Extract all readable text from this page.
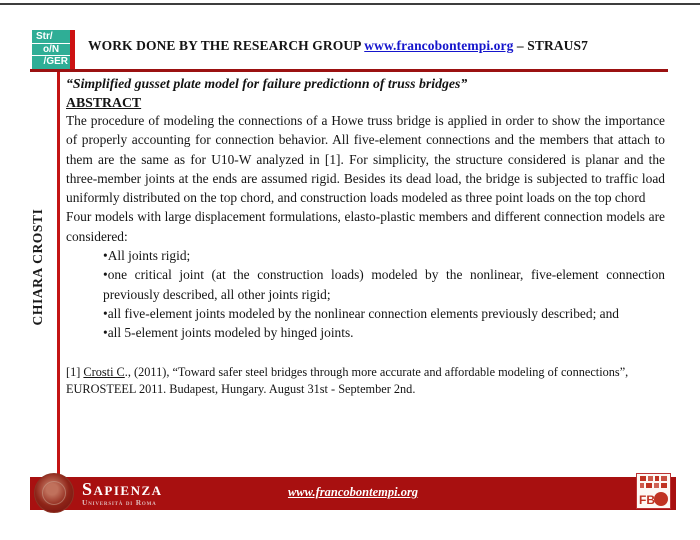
Str/
o/N
/GER
WORK DONE BY THE RESEARCH GROUP www.francobontempi.org – STRAUS7
CHIARA CROSTI

“Simplified gusset plate model for failure predictionn of truss bridges”

ABSTRACT

The procedure of modeling the connections of a Howe truss bridge is applied in order to show the importance of properly accounting for connection behavior. All five-element connections and the members that attach to them are the same as for U10-W analyzed in [1]. For simplicity, the structure considered is planar and the three-member joints at the ends are assumed rigid. Besides its dead load, the bridge is subjected to traffic load uniformly distributed on the top chord, and construction loads modeled as three point loads on the top chord

Four models with large displacement formulations, elasto-plastic members and different connection models are considered:

•All joints rigid;

•one critical joint (at the construction loads) modeled by the nonlinear, five-element connection previously described, all other joints rigid;

•all five-element joints modeled by the nonlinear connection elements previously described; and

•all 5-element joints modeled by hinged joints.

[1] Crosti C., (2011), “Toward safer steel bridges through more accurate and affordable modeling of connections”, EUROSTEEL 2011. Budapest, Hungary. August 31st - September 2nd.

Sapienza
Università di Roma
www.francobontempi.org
FB
